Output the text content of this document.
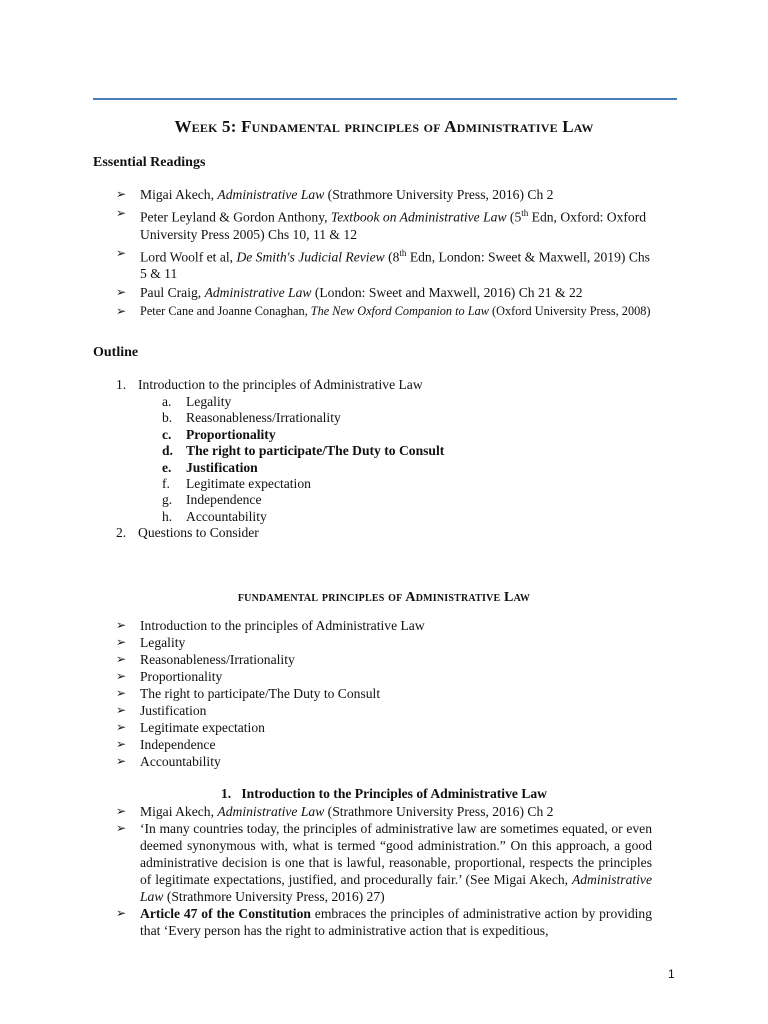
Week 5: Fundamental principles of Administrative Law
Essential Readings
➢ Migai Akech, Administrative Law (Strathmore University Press, 2016) Ch 2
➢ Peter Leyland & Gordon Anthony, Textbook on Administrative Law (5th Edn, Oxford: Oxford University Press 2005) Chs 10, 11 & 12
➢ Lord Woolf et al, De Smith's Judicial Review (8th Edn, London: Sweet & Maxwell, 2019) Chs 5 & 11
➢ Paul Craig, Administrative Law (London: Sweet and Maxwell, 2016) Ch 21 & 22
➢ Peter Cane and Joanne Conaghan, The New Oxford Companion to Law (Oxford University Press, 2008)
Outline
1. Introduction to the principles of Administrative Law
a. Legality
b. Reasonableness/Irrationality
c. Proportionality
d. The right to participate/The Duty to Consult
e. Justification
f. Legitimate expectation
g. Independence
h. Accountability
2. Questions to Consider
fundamental principles of Administrative Law
➢ Introduction to the principles of Administrative Law
➢ Legality
➢ Reasonableness/Irrationality
➢ Proportionality
➢ The right to participate/The Duty to Consult
➢ Justification
➢ Legitimate expectation
➢ Independence
➢ Accountability
1. Introduction to the Principles of Administrative Law
➢ Migai Akech, Administrative Law (Strathmore University Press, 2016) Ch 2
➢ ‘In many countries today, the principles of administrative law are sometimes equated, or even deemed synonymous with, what is termed “good administration.” On this approach, a good administrative decision is one that is lawful, reasonable, proportional, respects the principles of legitimate expectations, justified, and procedurally fair.’ (See Migai Akech, Administrative Law (Strathmore University Press, 2016) 27)
➢ Article 47 of the Constitution embraces the principles of administrative action by providing that ‘Every person has the right to administrative action that is expeditious,
1
